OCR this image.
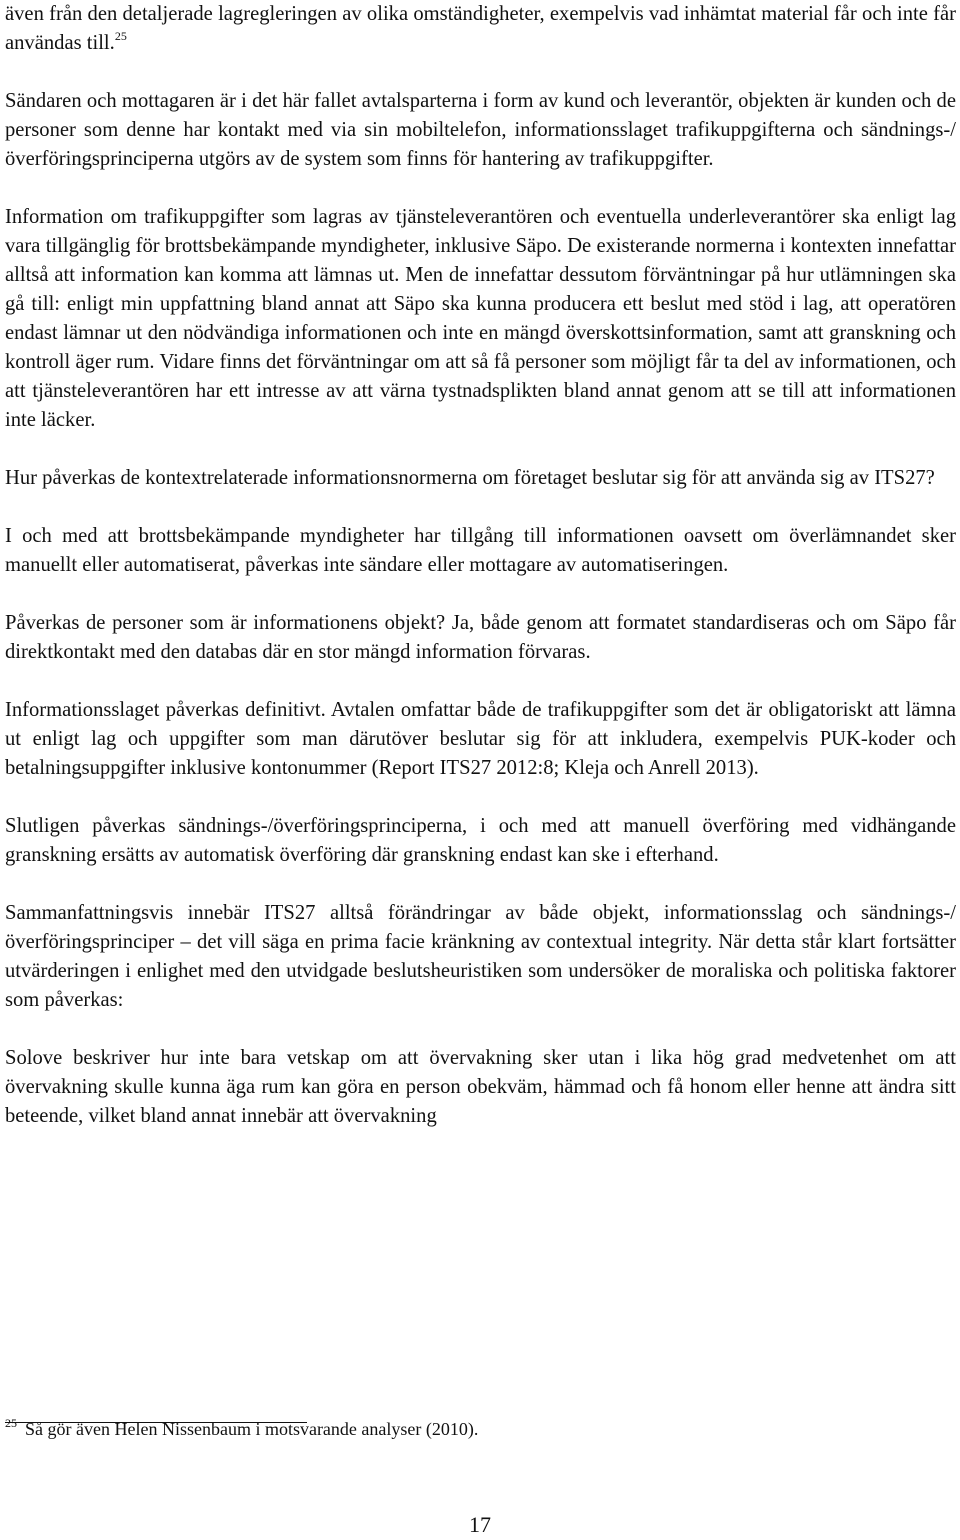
även från den detaljerade lagregleringen av olika omständigheter, exempelvis vad inhämtat material får och inte får användas till.$^{25}$

Sändaren och mottagaren är i det här fallet avtalsparterna i form av kund och leverantör, objekten är kunden och de personer som denne har kontakt med via sin mobiltelefon, informationsslaget trafikuppgifterna och sändnings-/överföringsprinciperna utgörs av de system som finns för hantering av trafikuppgifter.

Information om trafikuppgifter som lagras av tjänsteleverantören och eventuella underleverantörer ska enligt lag vara tillgänglig för brottsbekämpande myndigheter, inklusive Säpo. De existerande normerna i kontexten innefattar alltså att information kan komma att lämnas ut. Men de innefattar dessutom förväntningar på hur utlämningen ska gå till: enligt min uppfattning bland annat att Säpo ska kunna producera ett beslut med stöd i lag, att operatören endast lämnar ut den nödvändiga informationen och inte en mängd överskottsinformation, samt att granskning och kontroll äger rum. Vidare finns det förväntningar om att så få personer som möjligt får ta del av informationen, och att tjänsteleverantören har ett intresse av att värna tystnadsplikten bland annat genom att se till att informationen inte läcker.

Hur påverkas de kontextrelaterade informationsnormerna om företaget beslutar sig för att använda sig av ITS27?

I och med att brottsbekämpande myndigheter har tillgång till informationen oavsett om överlämnandet sker manuellt eller automatiserat, påverkas inte sändare eller mottagare av automatiseringen.

Påverkas de personer som är informationens objekt? Ja, både genom att formatet standardiseras och om Säpo får direktkontakt med den databas där en stor mängd information förvaras.

Informationsslaget påverkas definitivt. Avtalen omfattar både de trafikuppgifter som det är obligatoriskt att lämna ut enligt lag och uppgifter som man därutöver beslutar sig för att inkludera, exempelvis PUK-koder och betalningsuppgifter inklusive kontonummer (Report ITS27 2012:8; Kleja och Anrell 2013).

Slutligen påverkas sändnings-/överföringsprinciperna, i och med att manuell överföring med vidhängande granskning ersätts av automatisk överföring där granskning endast kan ske i efterhand.

Sammanfattningsvis innebär ITS27 alltså förändringar av både objekt, informationsslag och sändnings-/överföringsprinciper – det vill säga en prima facie kränkning av contextual integrity. När detta står klart fortsätter utvärderingen i enlighet med den utvidgade beslutsheuristiken som undersöker de moraliska och politiska faktorer som påverkas:

Solove beskriver hur inte bara vetskap om att övervakning sker utan i lika hög grad medvetenhet om att övervakning skulle kunna äga rum kan göra en person obekväm, hämmad och få honom eller henne att ändra sitt beteende, vilket bland annat innebär att övervakning

$^{25}$ Så gör även Helen Nissenbaum i motsvarande analyser (2010).
17
